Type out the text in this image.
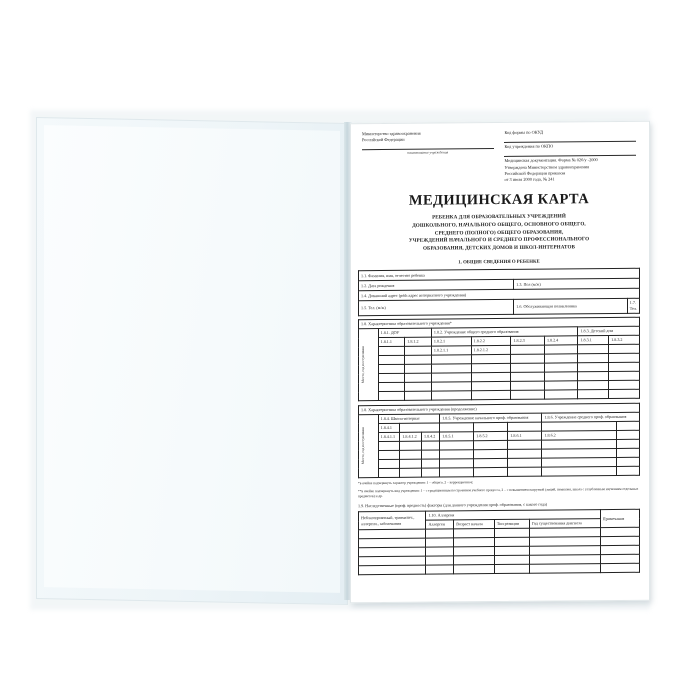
Министерство здравоохранения
Российской Федерации
наименование учреждения
Код формы по ОКУД
Код учреждения по ОКПО
Медицинская документация. Форма № 026/у -2000
Утверждена Министерством здравоохранения
Российской Федерации приказом
от 3 июля 2000 года, № 241
МЕДИЦИНСКАЯ КАРТА
РЕБЕНКА ДЛЯ ОБРАЗОВАТЕЛЬНЫХ УЧРЕЖДЕНИЙ
ДОШКОЛЬНОГО, НАЧАЛЬНОГО ОБЩЕГО, ОСНОВНОГО ОБЩЕГО,
СРЕДНЕГО (ПОЛНОГО) ОБЩЕГО ОБРАЗОВАНИЯ,
УЧРЕЖДЕНИЙ НАЧАЛЬНОГО И СРЕДНЕГО ПРОФЕССИОНАЛЬНОГО
ОБРАЗОВАНИЯ, ДЕТСКИХ ДОМОВ И ШКОЛ-ИНТЕРНАТОВ
1. ОБЩИЕ СВЕДЕНИЯ О РЕБЕНКЕ
1.1. Фамилия, имя, отчество ребенка		
1.2. Дата рождения	1.3. Пол (м/ж)	
1.4. Домашний адрес (póth адрес интернатного учреждения)		
1.5. Тел. (м/ж)	1.6. Обслуживающая поликлиника	1.7. Тел.
1.8. Характеристика образовательного учреждения*								

Место, год поступления	1.8.1. ДОУ		1.8.2. Учреждение общего среднего образования				1.8.3. Детский дом	
	1.8.1.1	1.8.1.2	1.8.2.1	1.8.2.2	1.8.2.3	1.8.2.4	1.8.3.1	1.8.3.2
			1.8.2.1.1	1.8.2.1.2				

1.8. Характеристика образовательного учреждения (продолжение)								

Место, год поступления	1.8.4. Школа-интернат			1.8.5. Учреждение начального проф. образования			1.8.6. Учреждение среднего проф. образования	
	1.8.4.1							
	1.8.4.1.1	1.8.4.1.2	1.8.4.2	1.8.5.1	1.8.5.2	1.8.6.1	1.8.6.2	

*в ячейке подчеркнуть характер учреждения: 1 – общего, 2 – коррекционное;
**в ячейке подчеркнуть вид учреждения: 1 – с традиционным построением учебного процесса, 2 – с повышением нагрузкой (лицей, гимназия, школа с углубленным изучением отдельных предметов) и др.
1.9. Наследственные (проф. вредность) факторы (для данного учреждения проф. образования, с какого года)
Неблагоприятный, травматич., аллергич., заболевания	1.10. Аллергия				Примечания
	Аллерген	Возраст начала	Тип реакции	Год существования диагноза	
